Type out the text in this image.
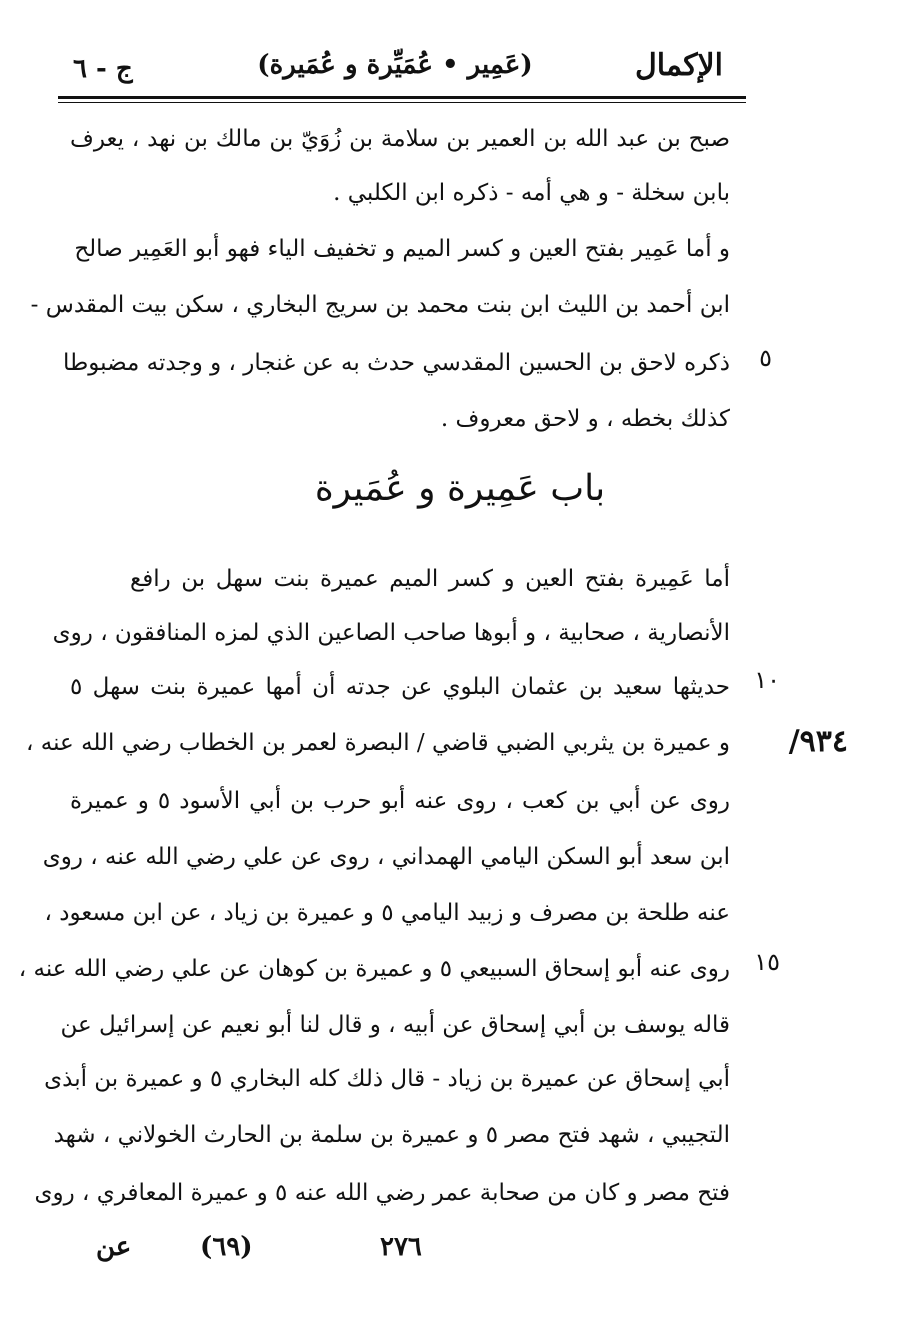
الإكمال
(عَمِير • عُمَيِّرة و عُمَيرة)
ج - ٦
صبح بن عبد الله بن العمير بن سلامة بن زُوَيّ بن مالك بن نهد ، يعرف
بابن سخلة - و هي أمه - ذكره ابن الكلبي .
و أما عَمِير بفتح العين و كسر الميم و تخفيف الياء فهو أبو العَمِير صالح
ابن أحمد بن الليث ابن بنت محمد بن سريج البخاري ، سكن بيت المقدس -
ذكره لاحق بن الحسين المقدسي حدث به عن غنجار ، و وجدته مضبوطا
كذلك بخطه ، و لاحق معروف .
٥
باب عَمِيرة و عُمَيرة
أما عَمِيرة بفتح العين و كسر الميم عميرة بنت سهل بن رافع
الأنصارية ، صحابية ، و أبوها صاحب الصاعين الذي لمزه المنافقون ، روى
حديثها سعيد بن عثمان البلوي عن جدته أن أمها عميرة بنت سهل ٥
و عميرة بن يثربي الضبي قاضي / البصرة لعمر بن الخطاب رضي الله عنه ،
روى عن أبي بن كعب ، روى عنه أبو حرب بن أبي الأسود ٥ و عميرة
ابن سعد أبو السكن اليامي الهمداني ، روى عن علي رضي الله عنه ، روى
عنه طلحة بن مصرف و زبيد اليامي ٥ و عميرة بن زياد ، عن ابن مسعود ،
روى عنه أبو إسحاق السبيعي ٥ و عميرة بن كوهان عن علي رضي الله عنه ،
قاله يوسف بن أبي إسحاق عن أبيه ، و قال لنا أبو نعيم عن إسرائيل عن
أبي إسحاق عن عميرة بن زياد - قال ذلك كله البخاري ٥ و عميرة بن أبذى
التجيبي ، شهد فتح مصر ٥ و عميرة بن سلمة بن الحارث الخولاني ، شهد
فتح مصر و كان من صحابة عمر رضي الله عنه ٥ و عميرة المعافري ، روى
١٠
١٥
٩٣٤/
٢٧٦
(٦٩)
عن
